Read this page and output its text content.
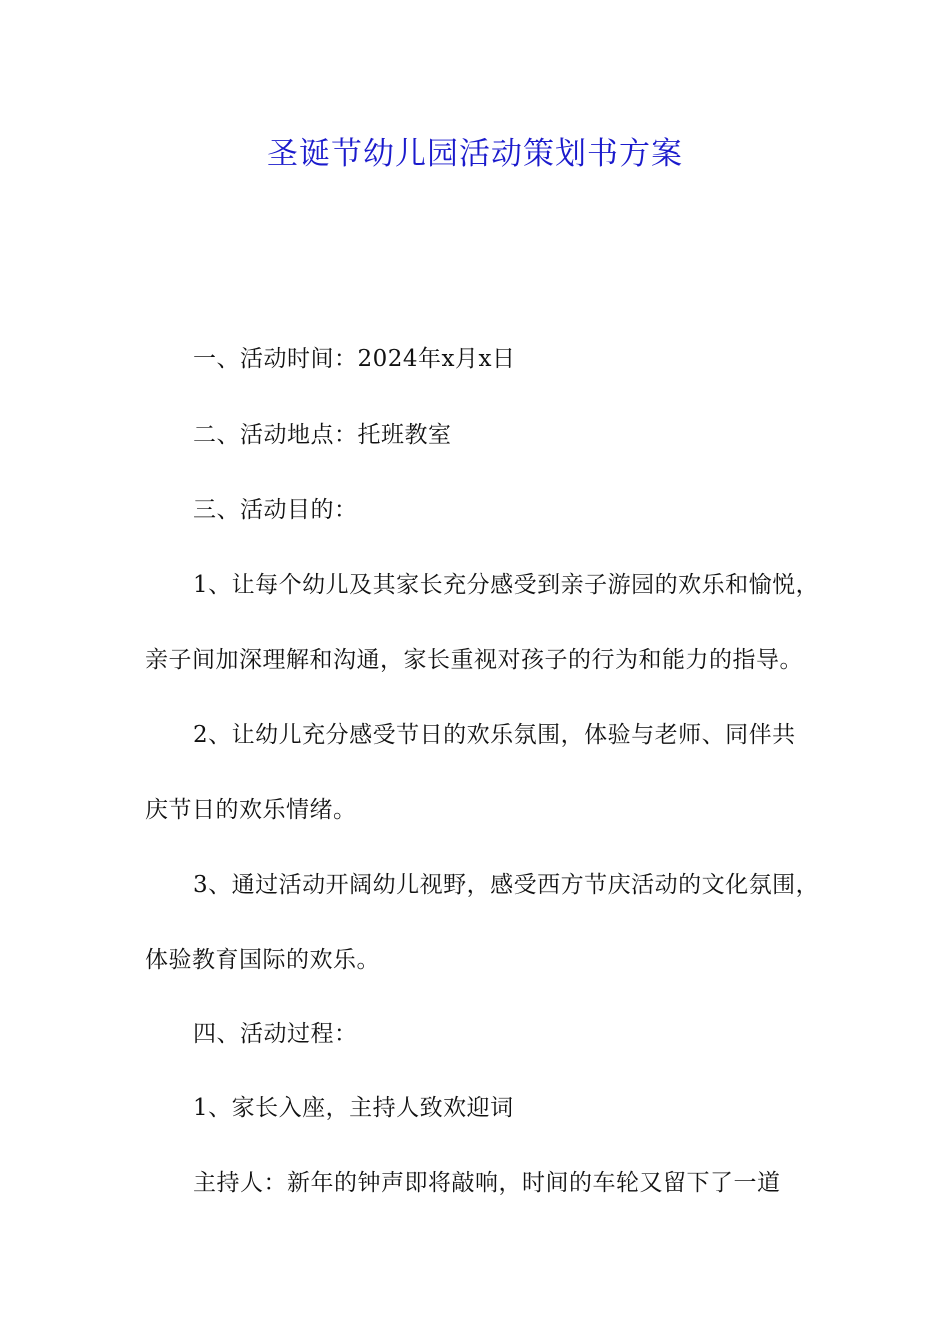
圣诞节幼儿园活动策划书方案
一、活动时间：2024年x月x日
二、活动地点：托班教室
三、活动目的：
1、让每个幼儿及其家长充分感受到亲子游园的欢乐和愉悦，
亲子间加深理解和沟通，家长重视对孩子的行为和能力的指导。
2、让幼儿充分感受节日的欢乐氛围，体验与老师、同伴共
庆节日的欢乐情绪。
3、通过活动开阔幼儿视野，感受西方节庆活动的文化氛围，
体验教育国际的欢乐。
四、活动过程：
1、家长入座，主持人致欢迎词
主持人：新年的钟声即将敲响，时间的车轮又留下了一道
